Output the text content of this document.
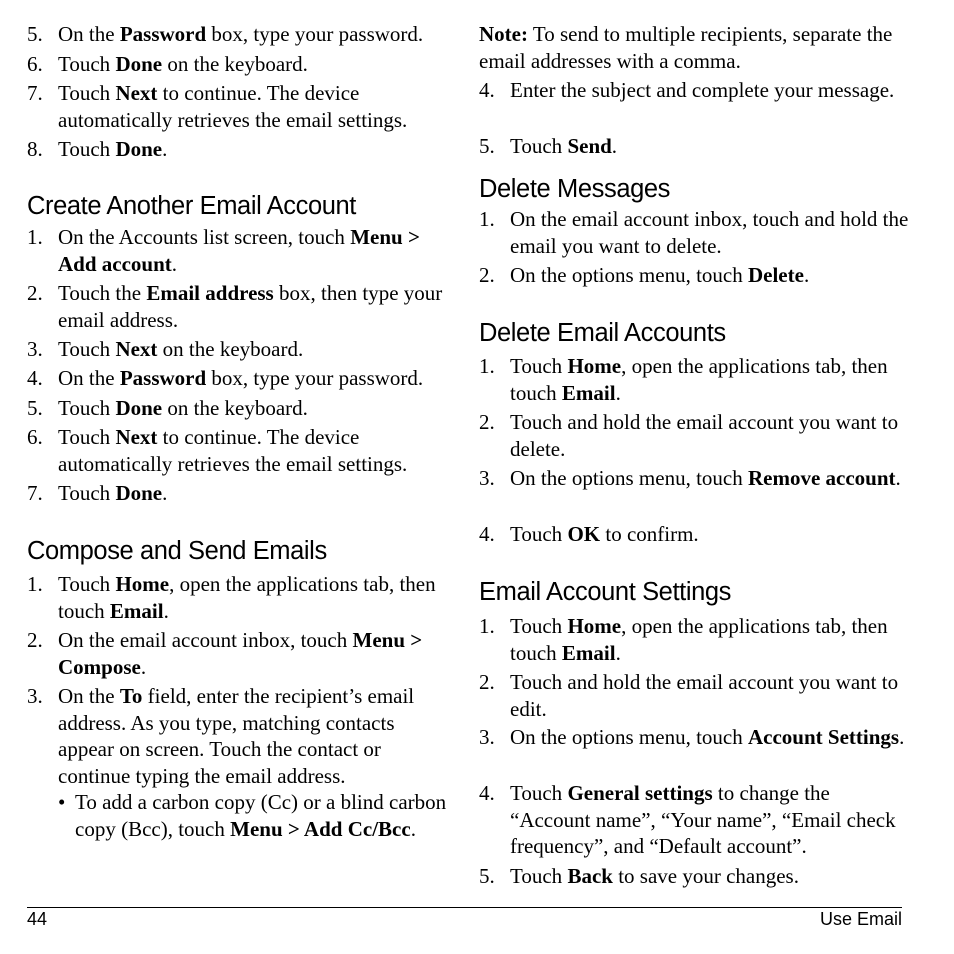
5. On the Password box, type your password.
6. Touch Done on the keyboard.
7. Touch Next to continue. The device automatically retrieves the email settings.
8. Touch Done.
Create Another Email Account
1. On the Accounts list screen, touch Menu > Add account.
2. Touch the Email address box, then type your email address.
3. Touch Next on the keyboard.
4. On the Password box, type your password.
5. Touch Done on the keyboard.
6. Touch Next to continue. The device automatically retrieves the email settings.
7. Touch Done.
Compose and Send Emails
1. Touch Home, open the applications tab, then touch Email.
2. On the email account inbox, touch Menu > Compose.
3. On the To field, enter the recipient’s email address. As you type, matching contacts appear on screen. Touch the contact or continue typing the email address.
• To add a carbon copy (Cc) or a blind carbon copy (Bcc), touch Menu > Add Cc/Bcc.
Note: To send to multiple recipients, separate the email addresses with a comma.
4. Enter the subject and complete your message.
5. Touch Send.
Delete Messages
1. On the email account inbox, touch and hold the email you want to delete.
2. On the options menu, touch Delete.
Delete Email Accounts
1. Touch Home, open the applications tab, then touch Email.
2. Touch and hold the email account you want to delete.
3. On the options menu, touch Remove account.
4. Touch OK to confirm.
Email Account Settings
1. Touch Home, open the applications tab, then touch Email.
2. Touch and hold the email account you want to edit.
3. On the options menu, touch Account Settings.
4. Touch General settings to change the “Account name”, “Your name”, “Email check frequency”, and “Default account”.
5. Touch Back to save your changes.
44	Use Email
